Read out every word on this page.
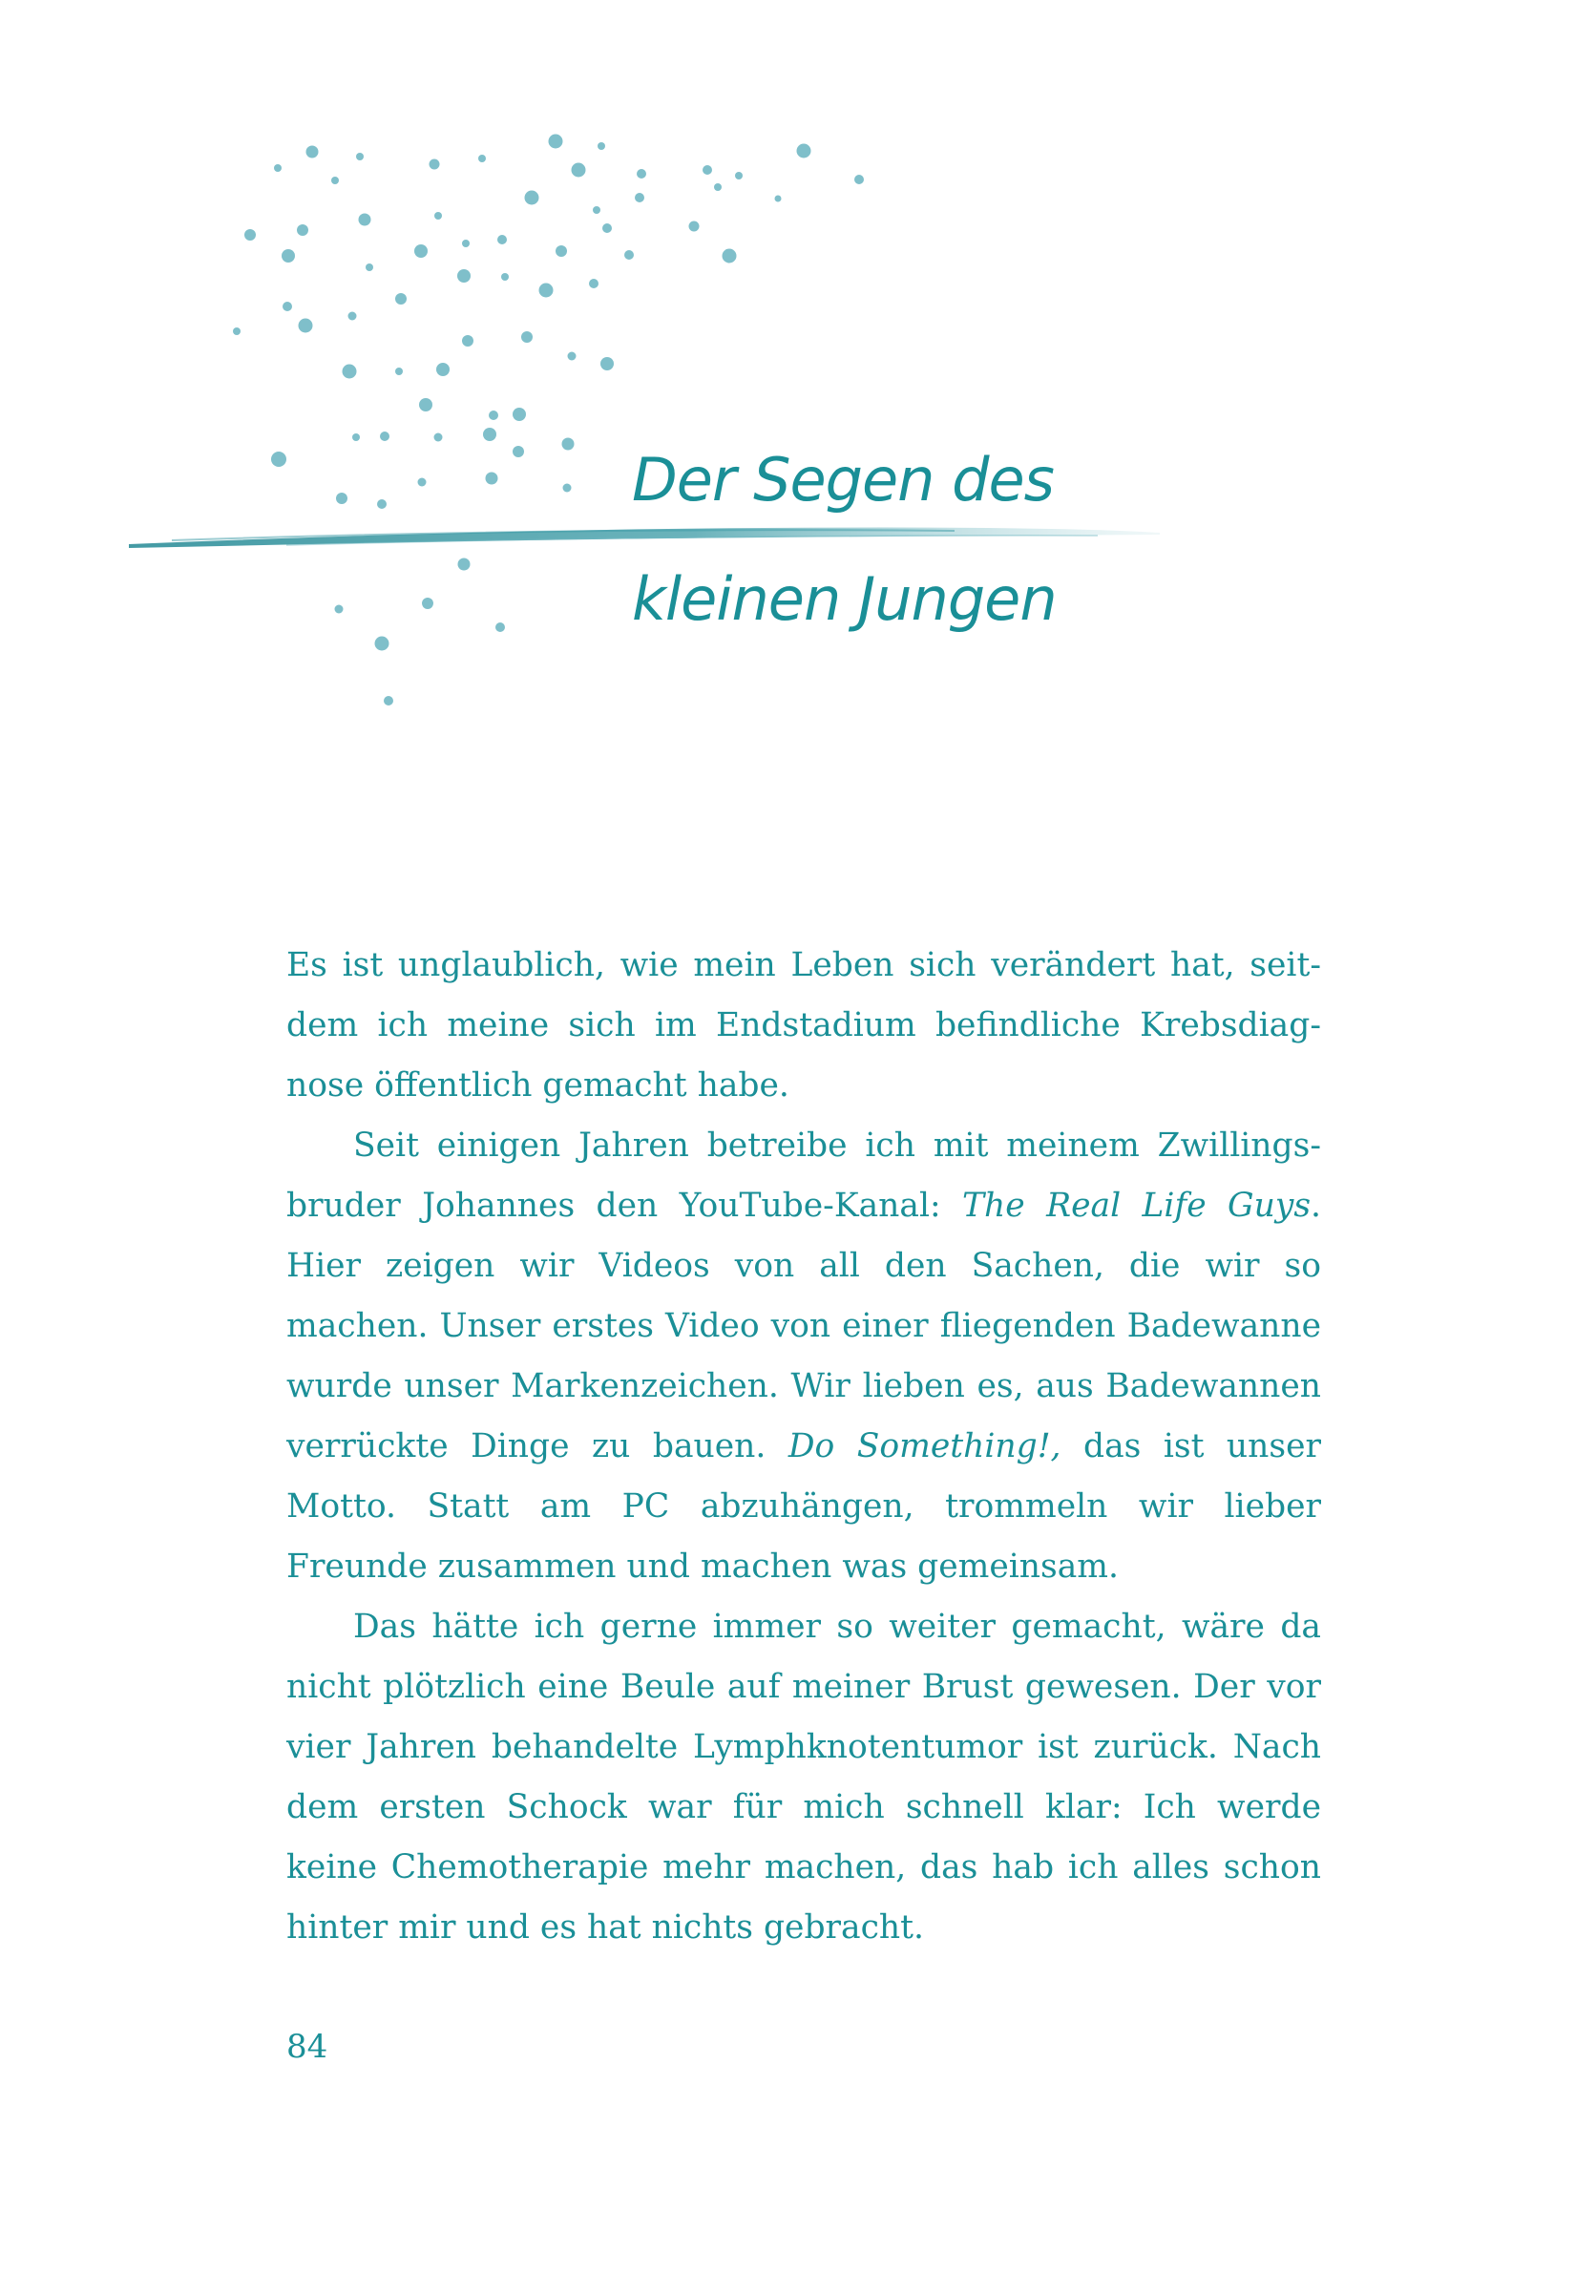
Der Segen des
kleinen Jungen

Es ist unglaublich, wie mein Leben sich verändert hat, seitdem ich meine sich im Endstadium befindliche Krebsdiagnose öffentlich gemacht habe.

Seit einigen Jahren betreibe ich mit meinem Zwillingsbruder Johannes den YouTube-Kanal: The Real Life Guys. Hier zeigen wir Videos von all den Sachen, die wir so machen. Unser erstes Video von einer fliegenden Badewanne wurde unser Markenzeichen. Wir lieben es, aus Badewannen verrückte Dinge zu bauen. Do Something!, das ist unser Motto. Statt am PC abzuhängen, trommeln wir lieber Freunde zusammen und machen was gemeinsam.

Das hätte ich gerne immer so weiter gemacht, wäre da nicht plötzlich eine Beule auf meiner Brust gewesen. Der vor vier Jahren behandelte Lymphknotentumor ist zurück. Nach dem ersten Schock war für mich schnell klar: Ich werde keine Chemotherapie mehr machen, das hab ich alles schon hinter mir und es hat nichts gebracht.

84
